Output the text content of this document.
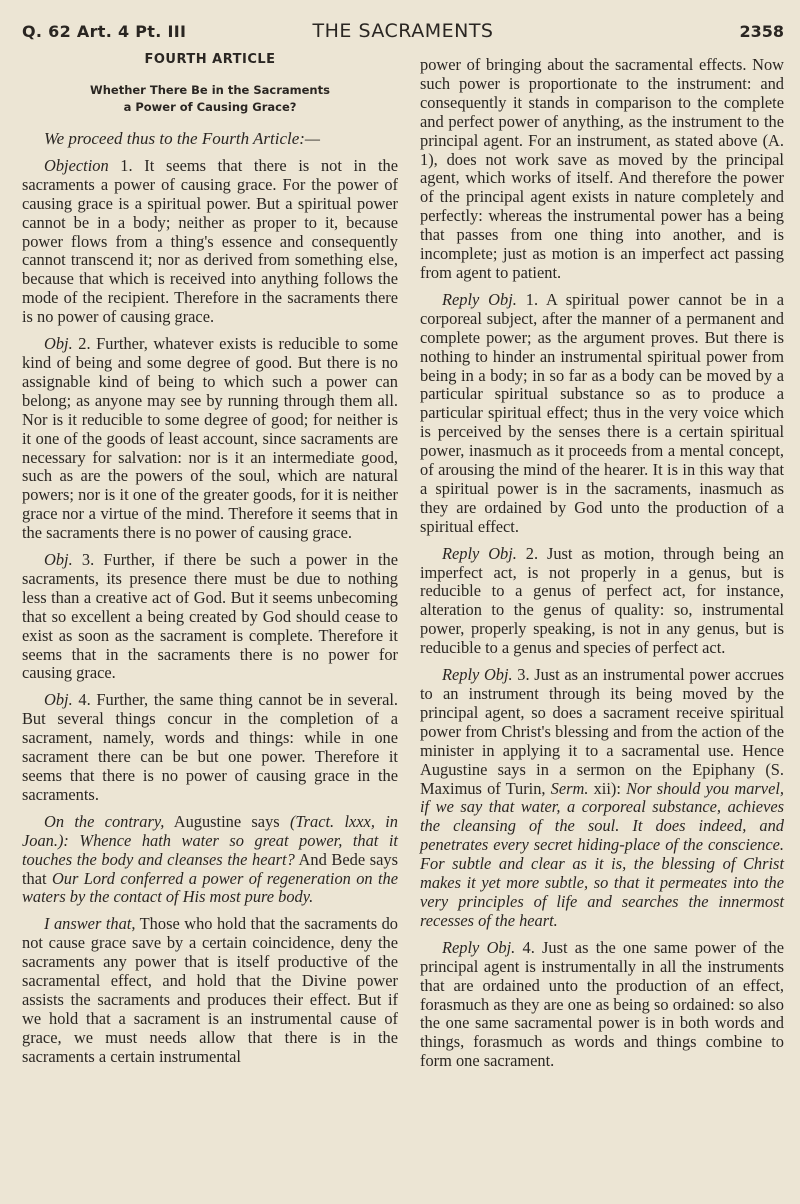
Q. 62 Art. 4 Pt. III	THE SACRAMENTS	2358
FOURTH ARTICLE
Whether There Be in the Sacraments
a Power of Causing Grace?

We proceed thus to the Fourth Article:—

Objection 1. It seems that there is not in the sacraments a power of causing grace. For the power of causing grace is a spiritual power. But a spiritual power cannot be in a body; neither as proper to it, because power flows from a thing's essence and consequently cannot transcend it; nor as derived from something else, because that which is received into anything follows the mode of the recipient. Therefore in the sacraments there is no power of causing grace.

Obj. 2. Further, whatever exists is reducible to some kind of being and some degree of good. But there is no assignable kind of being to which such a power can belong; as anyone may see by running through them all. Nor is it reducible to some degree of good; for neither is it one of the goods of least account, since sacraments are necessary for salvation: nor is it an intermediate good, such as are the powers of the soul, which are natural powers; nor is it one of the greater goods, for it is neither grace nor a virtue of the mind. Therefore it seems that in the sacraments there is no power of causing grace.

Obj. 3. Further, if there be such a power in the sacraments, its presence there must be due to nothing less than a creative act of God. But it seems unbecoming that so excellent a being created by God should cease to exist as soon as the sacrament is complete. Therefore it seems that in the sacraments there is no power for causing grace.

Obj. 4. Further, the same thing cannot be in several. But several things concur in the completion of a sacrament, namely, words and things: while in one sacrament there can be but one power. Therefore it seems that there is no power of causing grace in the sacraments.

On the contrary, Augustine says (Tract. lxxx, in Joan.): Whence hath water so great power, that it touches the body and cleanses the heart? And Bede says that Our Lord conferred a power of regeneration on the waters by the contact of His most pure body.

I answer that, Those who hold that the sacraments do not cause grace save by a certain coincidence, deny the sacraments any power that is itself productive of the sacramental effect, and hold that the Divine power assists the sacraments and produces their effect. But if we hold that a sacrament is an instrumental cause of grace, we must needs allow that there is in the sacraments a certain instrumental

power of bringing about the sacramental effects. Now such power is proportionate to the instrument: and consequently it stands in comparison to the complete and perfect power of anything, as the instrument to the principal agent. For an instrument, as stated above (A. 1), does not work save as moved by the principal agent, which works of itself. And therefore the power of the principal agent exists in nature completely and perfectly: whereas the instrumental power has a being that passes from one thing into another, and is incomplete; just as motion is an imperfect act passing from agent to patient.

Reply Obj. 1. A spiritual power cannot be in a corporeal subject, after the manner of a permanent and complete power; as the argument proves. But there is nothing to hinder an instrumental spiritual power from being in a body; in so far as a body can be moved by a particular spiritual substance so as to produce a particular spiritual effect; thus in the very voice which is perceived by the senses there is a certain spiritual power, inasmuch as it proceeds from a mental concept, of arousing the mind of the hearer. It is in this way that a spiritual power is in the sacraments, inasmuch as they are ordained by God unto the production of a spiritual effect.

Reply Obj. 2. Just as motion, through being an imperfect act, is not properly in a genus, but is reducible to a genus of perfect act, for instance, alteration to the genus of quality: so, instrumental power, properly speaking, is not in any genus, but is reducible to a genus and species of perfect act.

Reply Obj. 3. Just as an instrumental power accrues to an instrument through its being moved by the principal agent, so does a sacrament receive spiritual power from Christ's blessing and from the action of the minister in applying it to a sacramental use. Hence Augustine says in a sermon on the Epiphany (S. Maximus of Turin, Serm. xii): Nor should you marvel, if we say that water, a corporeal substance, achieves the cleansing of the soul. It does indeed, and penetrates every secret hiding-place of the conscience. For subtle and clear as it is, the blessing of Christ makes it yet more subtle, so that it permeates into the very principles of life and searches the innermost recesses of the heart.

Reply Obj. 4. Just as the one same power of the principal agent is instrumentally in all the instruments that are ordained unto the production of an effect, forasmuch as they are one as being so ordained: so also the one same sacramental power is in both words and things, forasmuch as words and things combine to form one sacrament.
